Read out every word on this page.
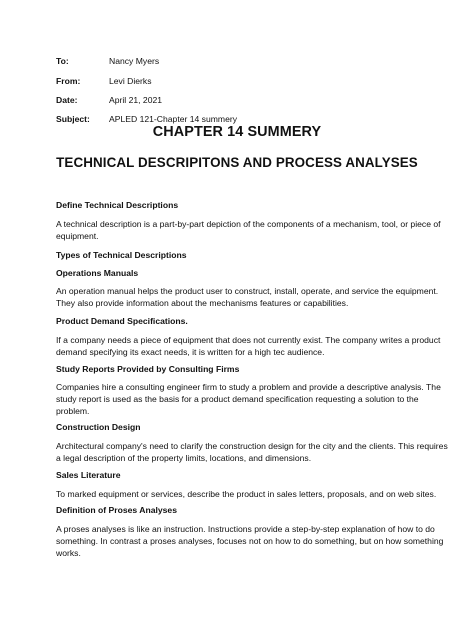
To:	Nancy Myers
From:	Levi Dierks
Date:	April 21, 2021
Subject: APLED 121-Chapter 14 summery
CHAPTER 14 SUMMERY
TECHNICAL DESCRIPITONS AND PROCESS ANALYSES
Define Technical Descriptions
A technical description is a part-by-part depiction of the components of a mechanism, tool, or piece of
equipment.
Types of Technical Descriptions
Operations Manuals
An operation manual helps the product user to construct, install, operate, and service the equipment.
They also provide information about the mechanisms features or capabilities.
Product Demand Specifications.
If a company needs a piece of equipment that does not currently exist. The company writes a product
demand specifying its exact needs, it is written for a high tec audience.
Study Reports Provided by Consulting Firms
Companies hire a consulting engineer firm to study a problem and provide a descriptive analysis. The
study report is used as the basis for a product demand specification requesting a solution to the
problem.
Construction Design
Architectural company's need to clarify the construction design for the city and the clients. This requires
a legal description of the property limits, locations, and dimensions.
Sales Literature
To marked equipment or services, describe the product in sales letters, proposals, and on web sites.
Definition of Proses Analyses
A proses analyses is like an instruction. Instructions provide a step-by-step explanation of how to do
something. In contrast a proses analyses, focuses not on how to do something, but on how something
works.
